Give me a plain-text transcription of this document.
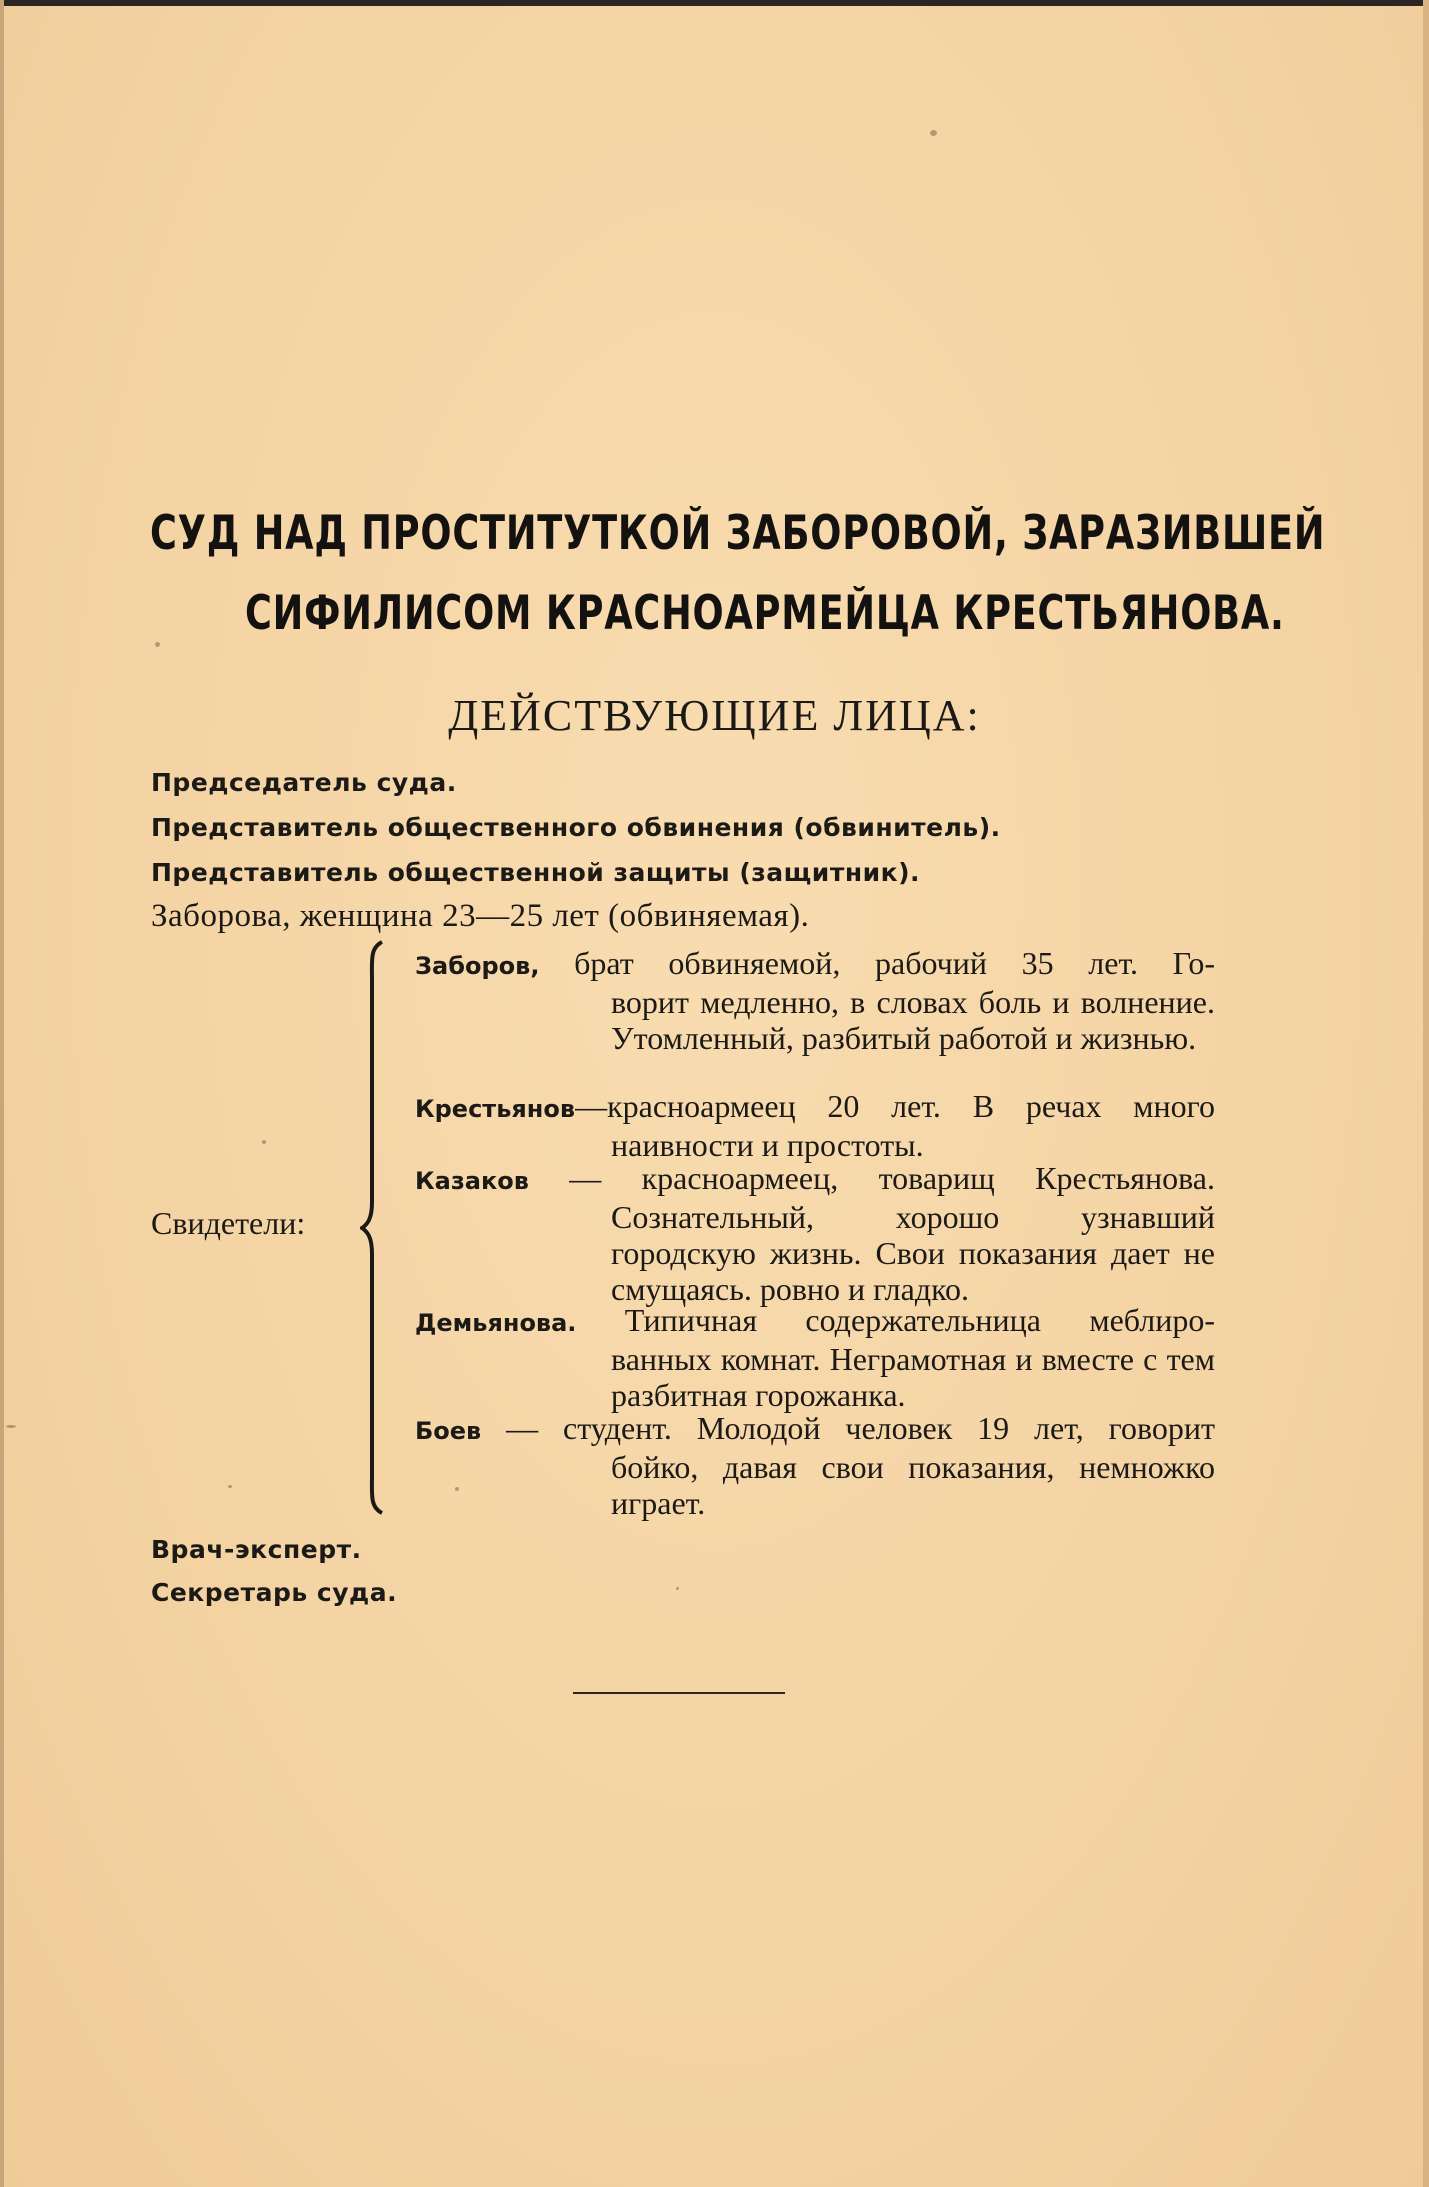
СУД НАД ПРОСТИТУТКОЙ ЗАБОРОВОЙ, ЗАРАЗИВШЕЙ
СИФИЛИСОМ КРАСНОАРМЕЙЦА КРЕСТЬЯНОВА.
ДЕЙСТВУЮЩИЕ ЛИЦА:
Председатель суда.
Представитель общественного обвинения (обвинитель).
Представитель общественной защиты (защитник).
Заборова, женщина 23—25 лет (обвиняемая).
Свидетели:
Заборов, брат обвиняемой, рабочий 35 лет. Го-
ворит медленно, в словах боль и волнение. Утомленный, разбитый работой и жизнью.
Крестьянов—красноармеец 20 лет. В речах много
наивности и простоты.
Казаков — красноармеец, товарищ Крестьянова.
Сознательный, хорошо узнавший городскую жизнь. Свои показания дает не смущаясь. ровно и гладко.
Демьянова. Типичная содержательница меблиро-
ванных комнат. Неграмотная и вместе с тем разбитная горожанка.
Боев — студент. Молодой человек 19 лет, говорит
бойко, давая свои показания, немножко играет.
Врач-эксперт.
Секретарь суда.
